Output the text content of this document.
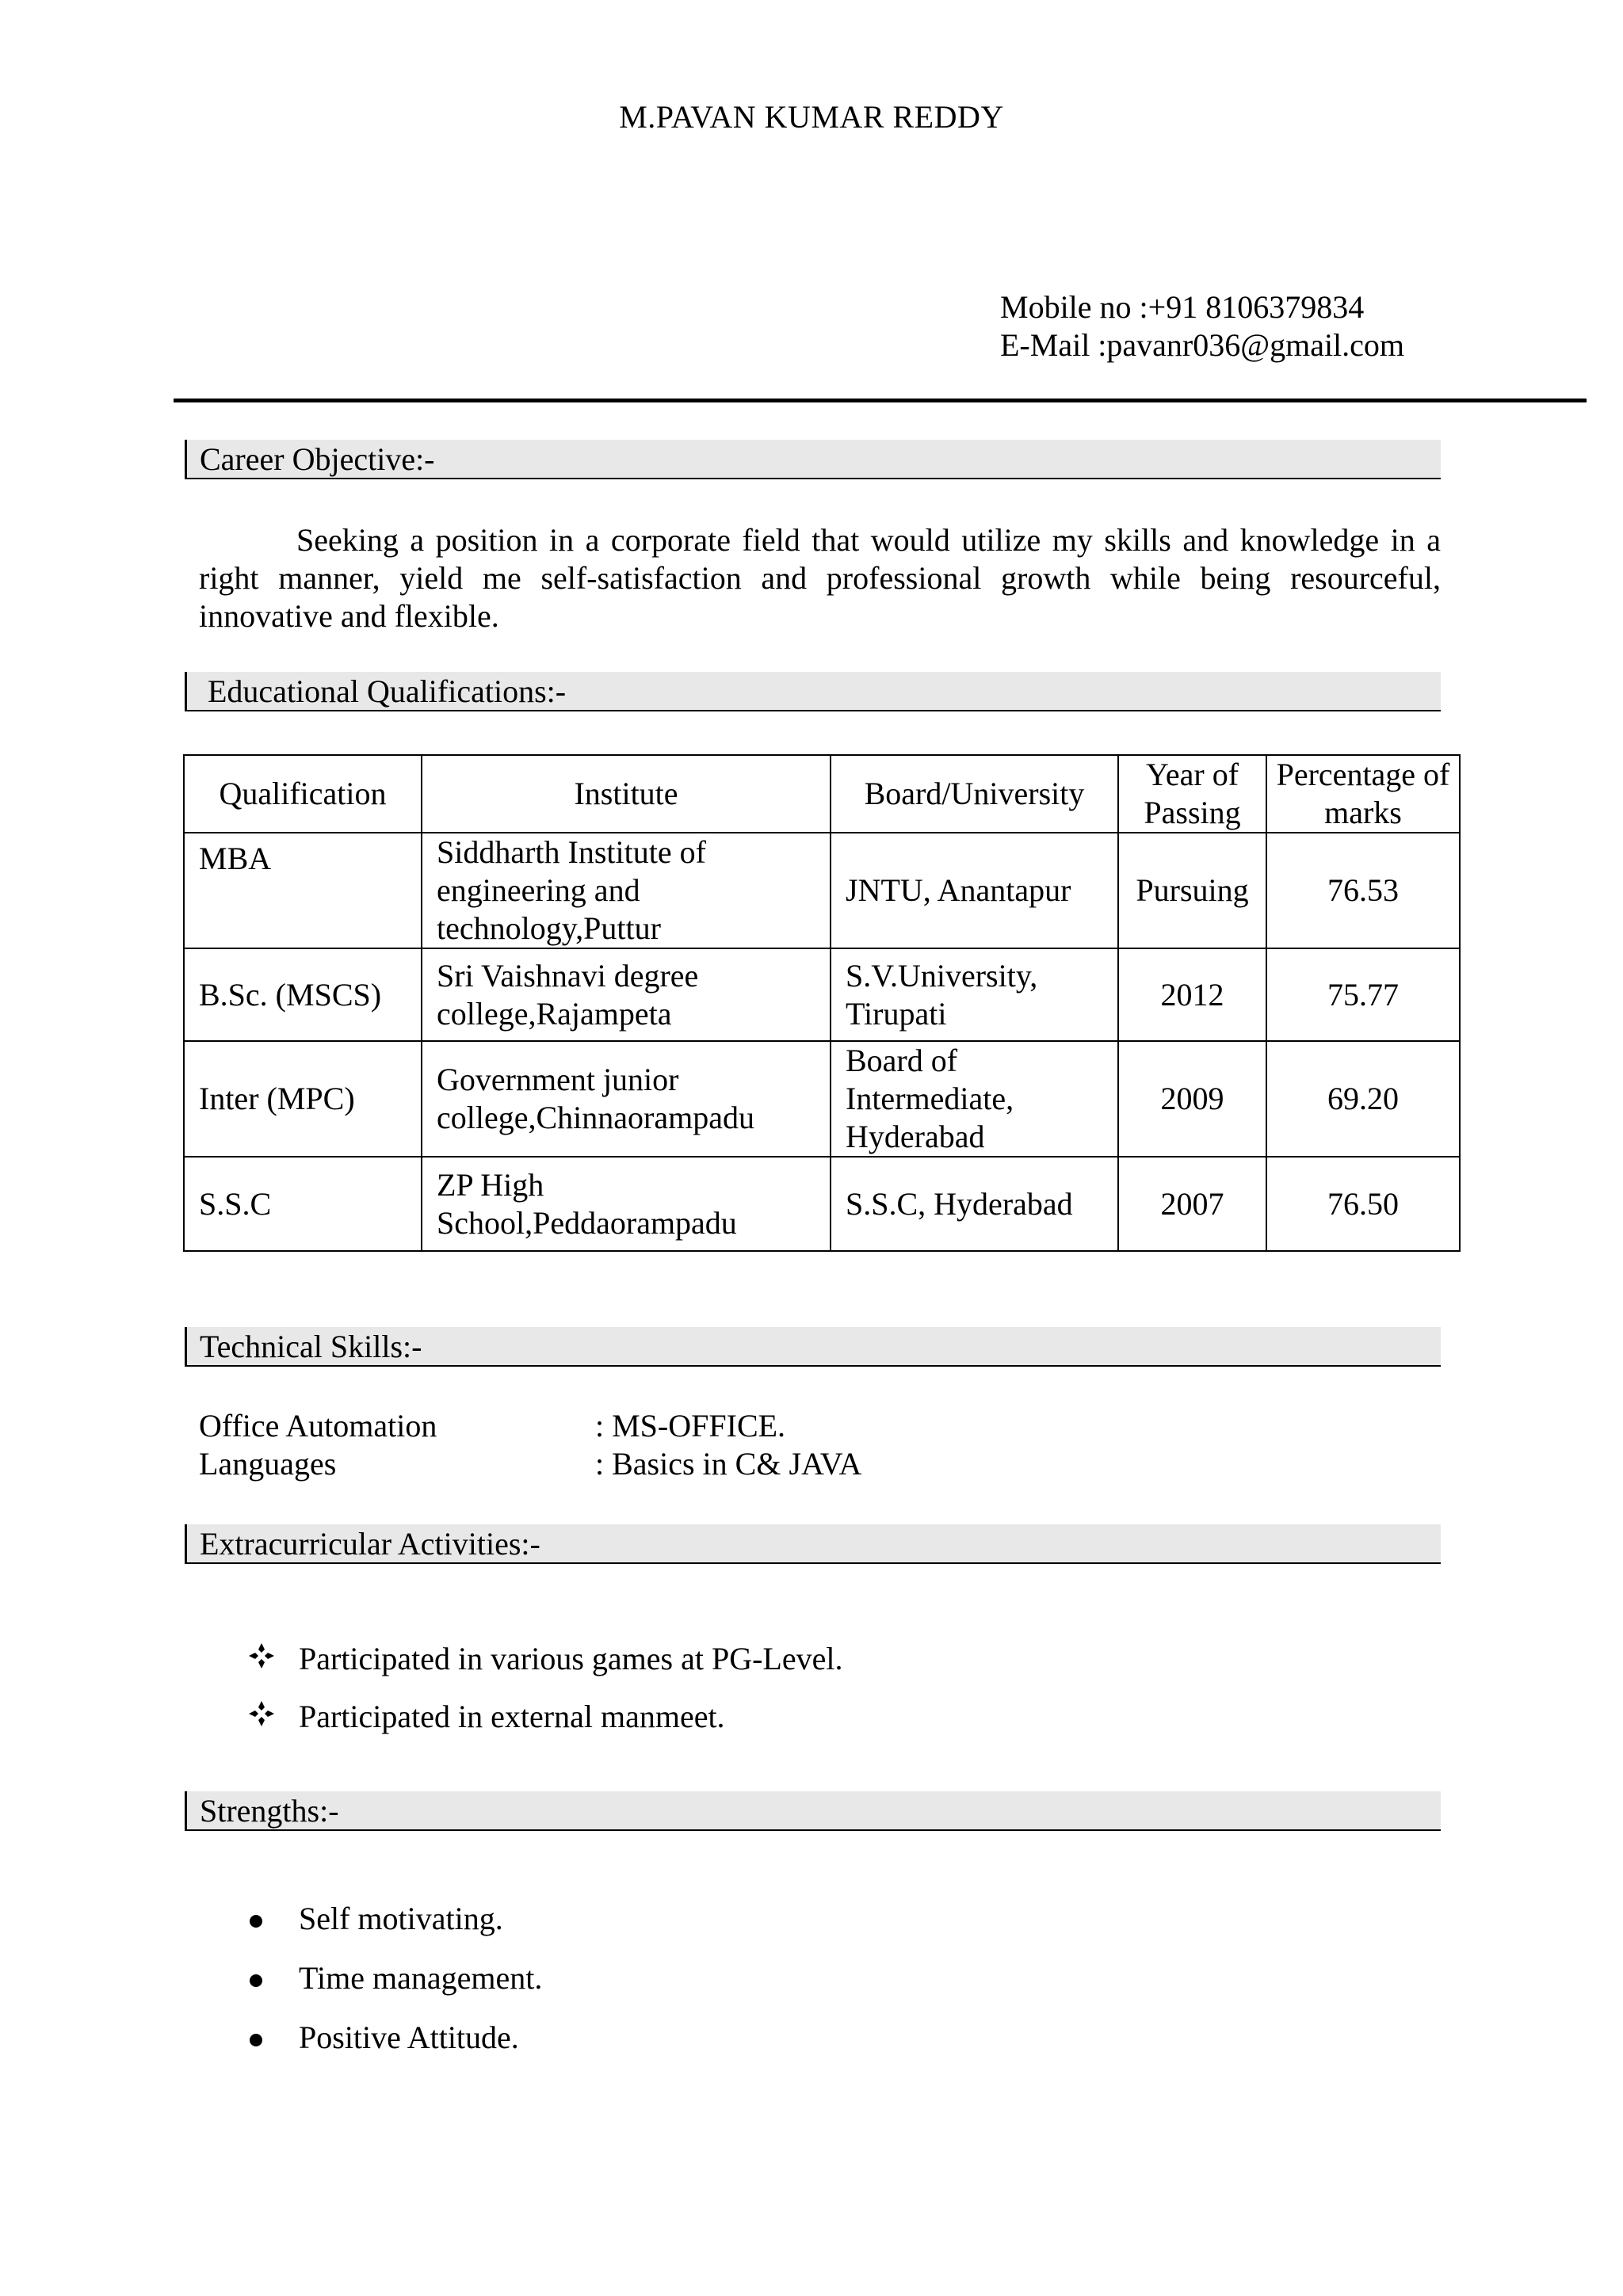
M.PAVAN KUMAR REDDY
Mobile no :+91 8106379834
E-Mail :pavanr036@gmail.com
Career Objective:-
Seeking a position in a corporate field that would utilize my skills and knowledge in a right manner, yield me self-satisfaction and professional growth while being resourceful, innovative and flexible.
Educational Qualifications:-
Qualification	Institute	Board/University	Year of Passing	Percentage of marks
MBA	Siddharth Institute of engineering and technology,Puttur	JNTU, Anantapur	Pursuing	76.53
B.Sc. (MSCS)	Sri Vaishnavi degree college,Rajampeta	S.V.University, Tirupati	2012	75.77
Inter (MPC)	Government junior college,Chinnaorampadu	Board of Intermediate, Hyderabad	2009	69.20
S.S.C	ZP High School,Peddaorampadu	S.S.C, Hyderabad	2007	76.50
Technical Skills:-
Office Automation	: MS-OFFICE.
Languages	: Basics in C& JAVA
Extracurricular Activities:-
Participated in various games at PG-Level.
Participated in external manmeet.
Strengths:-
Self motivating.
Time management.
Positive Attitude.
